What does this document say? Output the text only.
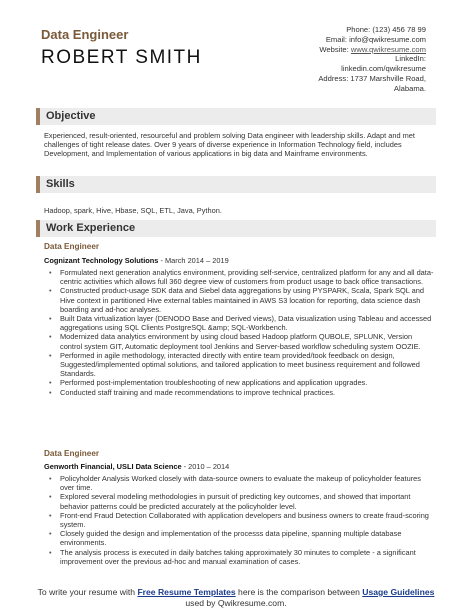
Data Engineer
ROBERT SMITH
Phone: (123) 456 78 99
Email: info@qwikresume.com
Website: www.qwikresume.com
LinkedIn:
linkedin.com/qwikresume
Address: 1737 Marshville Road,
Alabama.
Objective
Experienced, result-oriented, resourceful and problem solving Data engineer with leadership skills. Adapt and met challenges of tight release dates. Over 9 years of diverse experience in Information Technology field, includes Development, and Implementation of various applications in big data and Mainframe environments.
Skills
Hadoop, spark, Hive, Hbase, SQL, ETL, Java, Python.
Work Experience
Data Engineer
Cognizant Technology Solutions - March 2014 – 2019
• Formulated next generation analytics environment, providing self-service, centralized platform for any and all data-centric activities which allows full 360 degree view of customers from product usage to back office transactions.
• Constructed product-usage SDK data and Siebel data aggregations by using PYSPARK, Scala, Spark SQL and Hive context in partitioned Hive external tables maintained in AWS S3 location for reporting, data science dash boarding and ad-hoc analyses.
• Built Data virtualization layer (DENODO Base and Derived views), Data visualization using Tableau and accessed aggregations using SQL Clients PostgreSQL &amp; SQL-Workbench.
• Modernized data analytics environment by using cloud based Hadoop platform QUBOLE, SPLUNK, Version control system GIT, Automatic deployment tool Jenkins and Server-based workflow scheduling system OOZIE.
• Performed in agile methodology, interacted directly with entire team provided/took feedback on design, Suggested/implemented optimal solutions, and tailored application to meet business requirement and followed Standards.
• Performed post-implementation troubleshooting of new applications and application upgrades.
• Conducted staff training and made recommendations to improve technical practices.
Data Engineer
Genworth Financial, USLI Data Science - 2010 – 2014
• Policyholder Analysis Worked closely with data-source owners to evaluate the makeup of policyholder features over time.
• Explored several modeling methodologies in pursuit of predicting key outcomes, and showed that important behavior patterns could be predicted accurately at the policyholder level.
• Front-end Fraud Detection Collaborated with application developers and business owners to create fraud-scoring system.
• Closely guided the design and implementation of the processs data pipeline, spanning multiple database environments.
• The analysis process is executed in daily batches taking approximately 30 minutes to complete - a significant improvement over the previous ad-hoc and manual examination of cases.
To write your resume with Free Resume Templates here is the comparison between Usage Guidelines used by Qwikresume.com.
